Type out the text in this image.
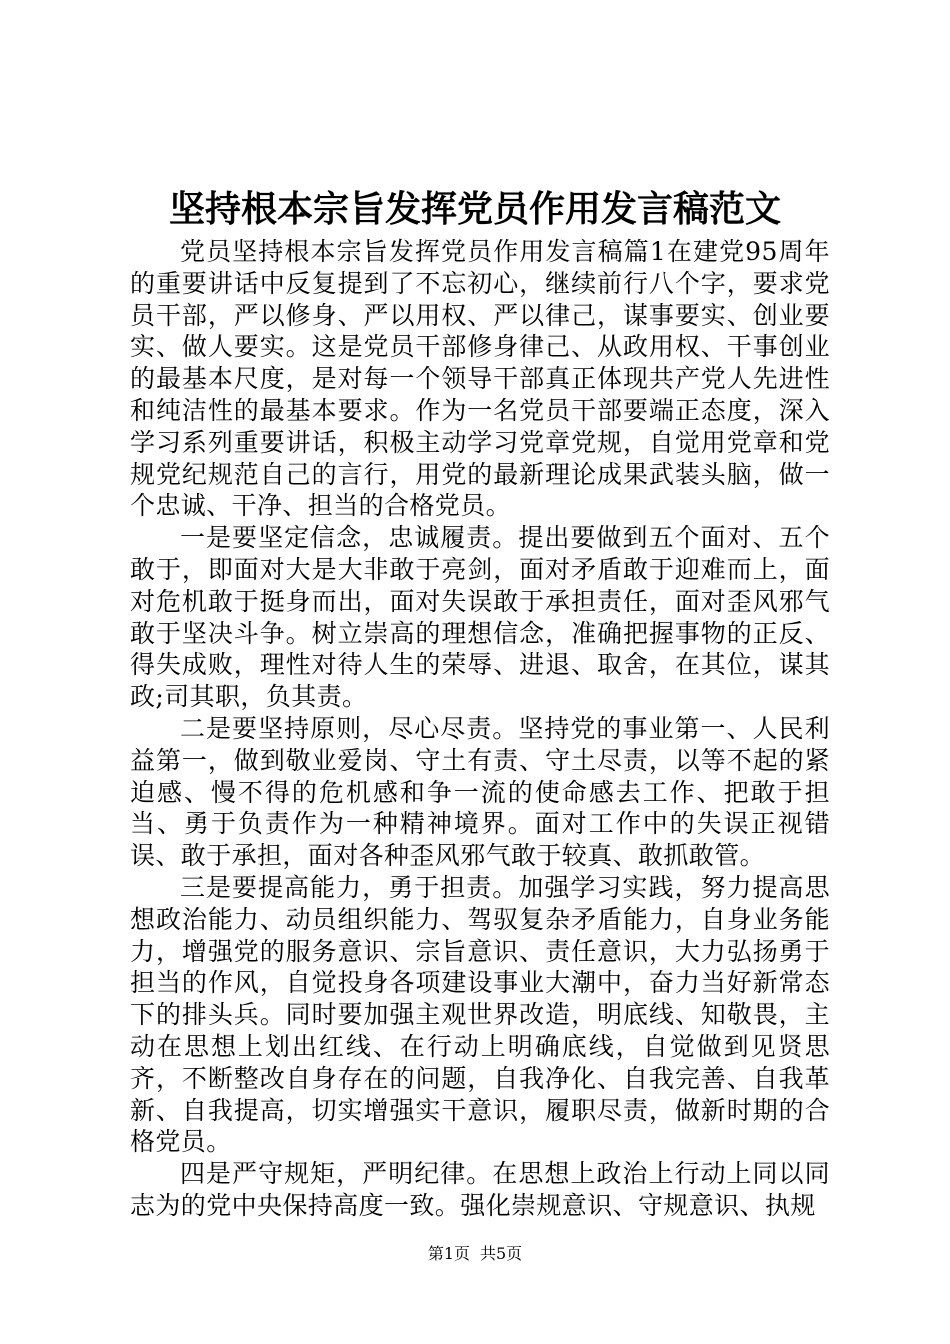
坚持根本宗旨发挥党员作用发言稿范文

党员坚持根本宗旨发挥党员作用发言稿篇1在建党95周年的重要讲话中反复提到了不忘初心，继续前行八个字，要求党员干部，严以修身、严以用权、严以律己，谋事要实、创业要实、做人要实。这是党员干部修身律己、从政用权、干事创业的最基本尺度，是对每一个领导干部真正体现共产党人先进性和纯洁性的最基本要求。作为一名党员干部要端正态度，深入学习系列重要讲话，积极主动学习党章党规，自觉用党章和党规党纪规范自己的言行，用党的最新理论成果武装头脑，做一个忠诚、干净、担当的合格党员。

一是要坚定信念，忠诚履责。提出要做到五个面对、五个敢于，即面对大是大非敢于亮剑，面对矛盾敢于迎难而上，面对危机敢于挺身而出，面对失误敢于承担责任，面对歪风邪气敢于坚决斗争。树立崇高的理想信念，准确把握事物的正反、得失成败，理性对待人生的荣辱、进退、取舍，在其位，谋其政;司其职，负其责。

二是要坚持原则，尽心尽责。坚持党的事业第一、人民利益第一，做到敬业爱岗、守土有责、守土尽责，以等不起的紧迫感、慢不得的危机感和争一流的使命感去工作、把敢于担当、勇于负责作为一种精神境界。面对工作中的失误正视错误、敢于承担，面对各种歪风邪气敢于较真、敢抓敢管。

三是要提高能力，勇于担责。加强学习实践，努力提高思想政治能力、动员组织能力、驾驭复杂矛盾能力，自身业务能力，增强党的服务意识、宗旨意识、责任意识，大力弘扬勇于担当的作风，自觉投身各项建设事业大潮中，奋力当好新常态下的排头兵。同时要加强主观世界改造，明底线、知敬畏，主动在思想上划出红线、在行动上明确底线，自觉做到见贤思齐，不断整改自身存在的问题，自我净化、自我完善、自我革新、自我提高，切实增强实干意识，履职尽责，做新时期的合格党员。

四是严守规矩，严明纪律。在思想上政治上行动上同以同志为的党中央保持高度一致。强化崇规意识、守规意识、执规

第1页 共5页
